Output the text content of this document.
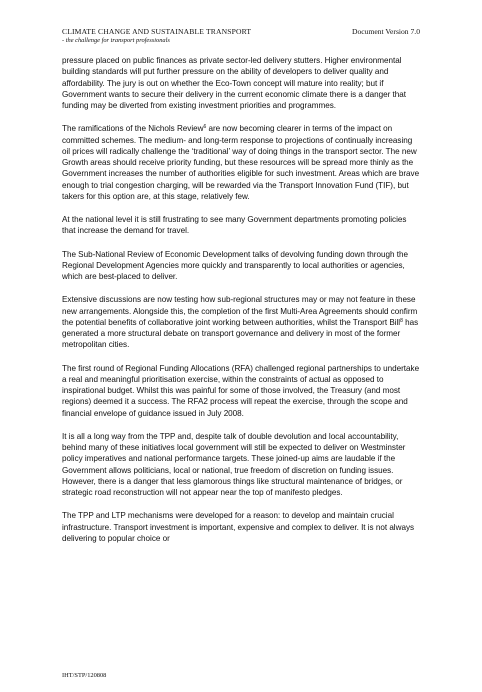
CLIMATE CHANGE AND SUSTAINABLE TRANSPORT
- the challenge for transport professionals
Document Version 7.0

pressure placed on public finances as private sector-led delivery stutters. Higher environmental building standards will put further pressure on the ability of developers to deliver quality and affordability. The jury is out on whether the Eco-Town concept will mature into reality; but if Government wants to secure their delivery in the current economic climate there is a danger that funding may be diverted from existing investment priorities and programmes.

The ramifications of the Nichols Review$^6$ are now becoming clearer in terms of the impact on committed schemes. The medium- and long-term response to projections of continually increasing oil prices will radically challenge the ‘traditional’ way of doing things in the transport sector. The new Growth areas should receive priority funding, but these resources will be spread more thinly as the Government increases the number of authorities eligible for such investment. Areas which are brave enough to trial congestion charging, will be rewarded via the Transport Innovation Fund (TIF), but takers for this option are, at this stage, relatively few.

At the national level it is still frustrating to see many Government departments promoting policies that increase the demand for travel.

The Sub-National Review of Economic Development talks of devolving funding down through the Regional Development Agencies more quickly and transparently to local authorities or agencies, which are best-placed to deliver.

Extensive discussions are now testing how sub-regional structures may or may not feature in these new arrangements. Alongside this, the completion of the first Multi-Area Agreements should confirm the potential benefits of collaborative joint working between authorities, whilst the Transport Bill$^8$ has generated a more structural debate on transport governance and delivery in most of the former metropolitan cities.

The first round of Regional Funding Allocations (RFA) challenged regional partnerships to undertake a real and meaningful prioritisation exercise, within the constraints of actual as opposed to inspirational budget. Whilst this was painful for some of those involved, the Treasury (and most regions) deemed it a success. The RFA2 process will repeat the exercise, through the scope and financial envelope of guidance issued in July 2008.

It is all a long way from the TPP and, despite talk of double devolution and local accountability, behind many of these initiatives local government will still be expected to deliver on Westminster policy imperatives and national performance targets. These joined-up aims are laudable if the Government allows politicians, local or national, true freedom of discretion on funding issues. However, there is a danger that less glamorous things like structural maintenance of bridges, or strategic road reconstruction will not appear near the top of manifesto pledges.

The TPP and LTP mechanisms were developed for a reason: to develop and maintain crucial infrastructure. Transport investment is important, expensive and complex to deliver. It is not always delivering to popular choice or

IHT/STP/120808
